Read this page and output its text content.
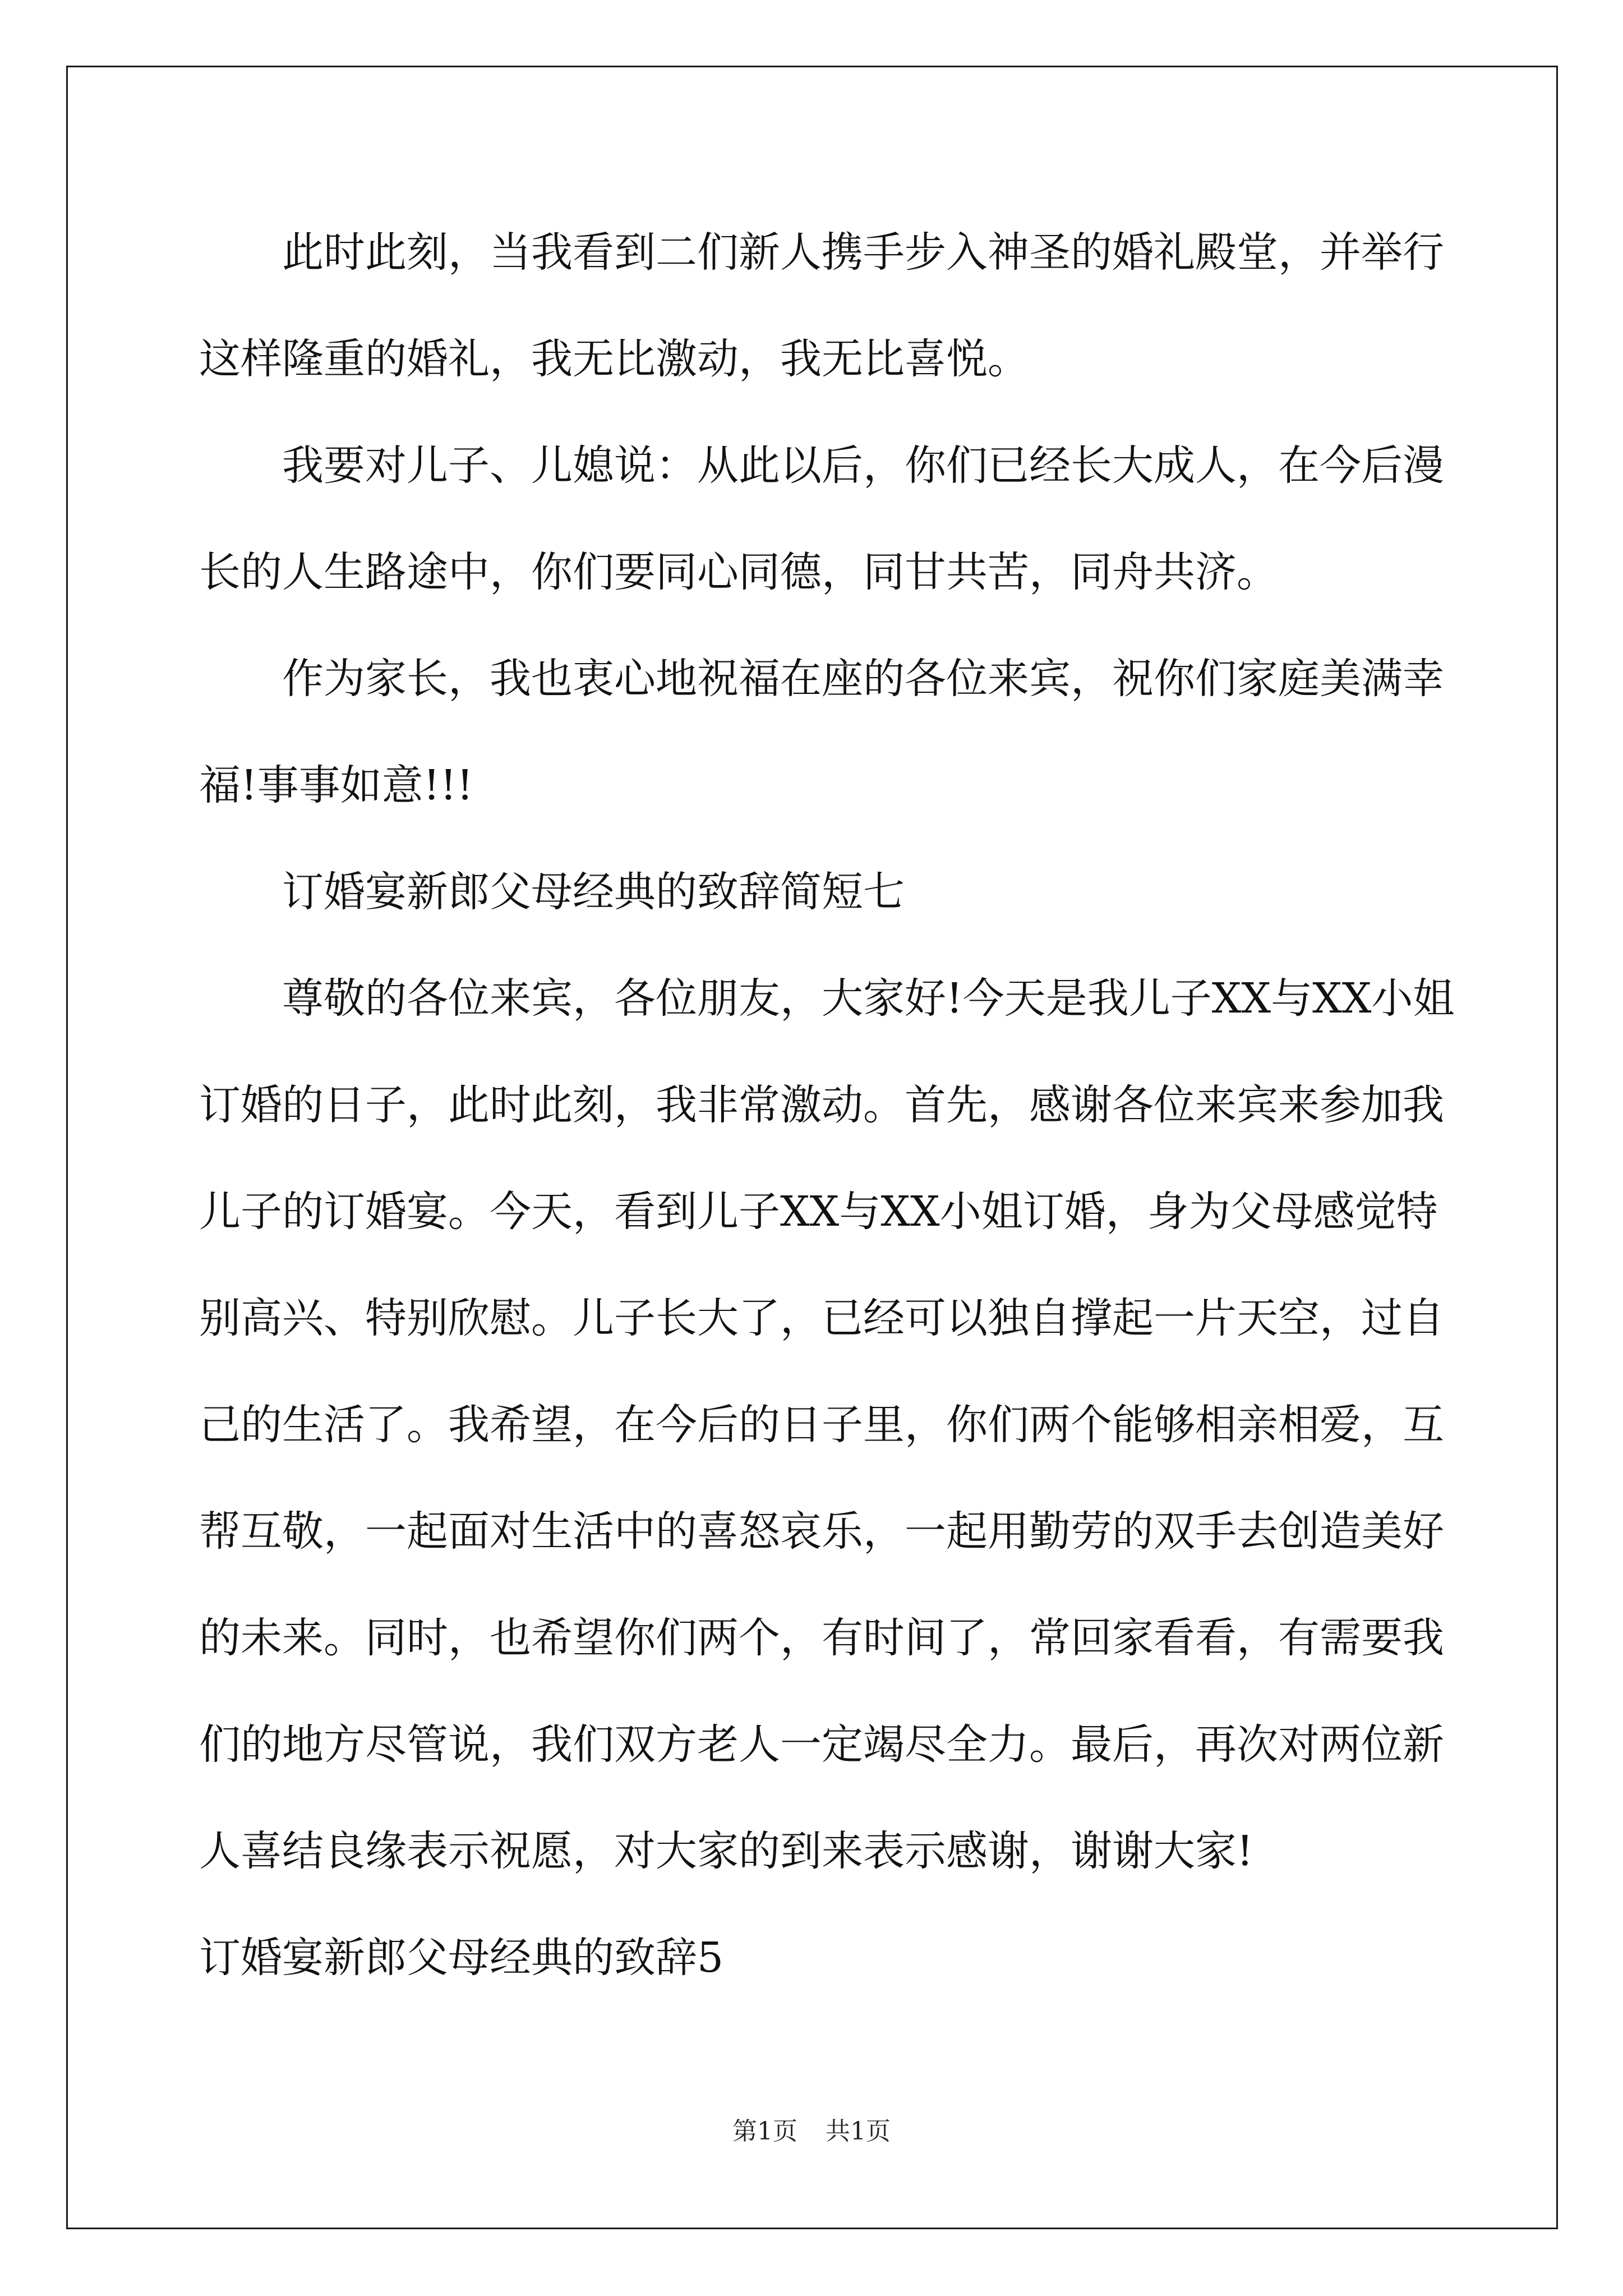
此时此刻，当我看到二们新人携手步入神圣的婚礼殿堂，并举行
这样隆重的婚礼，我无比激动，我无比喜悦。
我要对儿子、儿媳说：从此以后，你们已经长大成人，在今后漫
长的人生路途中，你们要同心同德，同甘共苦，同舟共济。
作为家长，我也衷心地祝福在座的各位来宾，祝你们家庭美满幸
福!事事如意!!!
订婚宴新郎父母经典的致辞简短七
尊敬的各位来宾，各位朋友，大家好!今天是我儿子XX与XX小姐
订婚的日子，此时此刻，我非常激动。首先，感谢各位来宾来参加我
儿子的订婚宴。今天，看到儿子XX与XX小姐订婚，身为父母感觉特
别高兴、特别欣慰。儿子长大了，已经可以独自撑起一片天空，过自
己的生活了。我希望，在今后的日子里，你们两个能够相亲相爱，互
帮互敬，一起面对生活中的喜怒哀乐，一起用勤劳的双手去创造美好
的未来。同时，也希望你们两个，有时间了，常回家看看，有需要我
们的地方尽管说，我们双方老人一定竭尽全力。最后，再次对两位新
人喜结良缘表示祝愿，对大家的到来表示感谢，谢谢大家!
订婚宴新郎父母经典的致辞5
第1页 共1页
